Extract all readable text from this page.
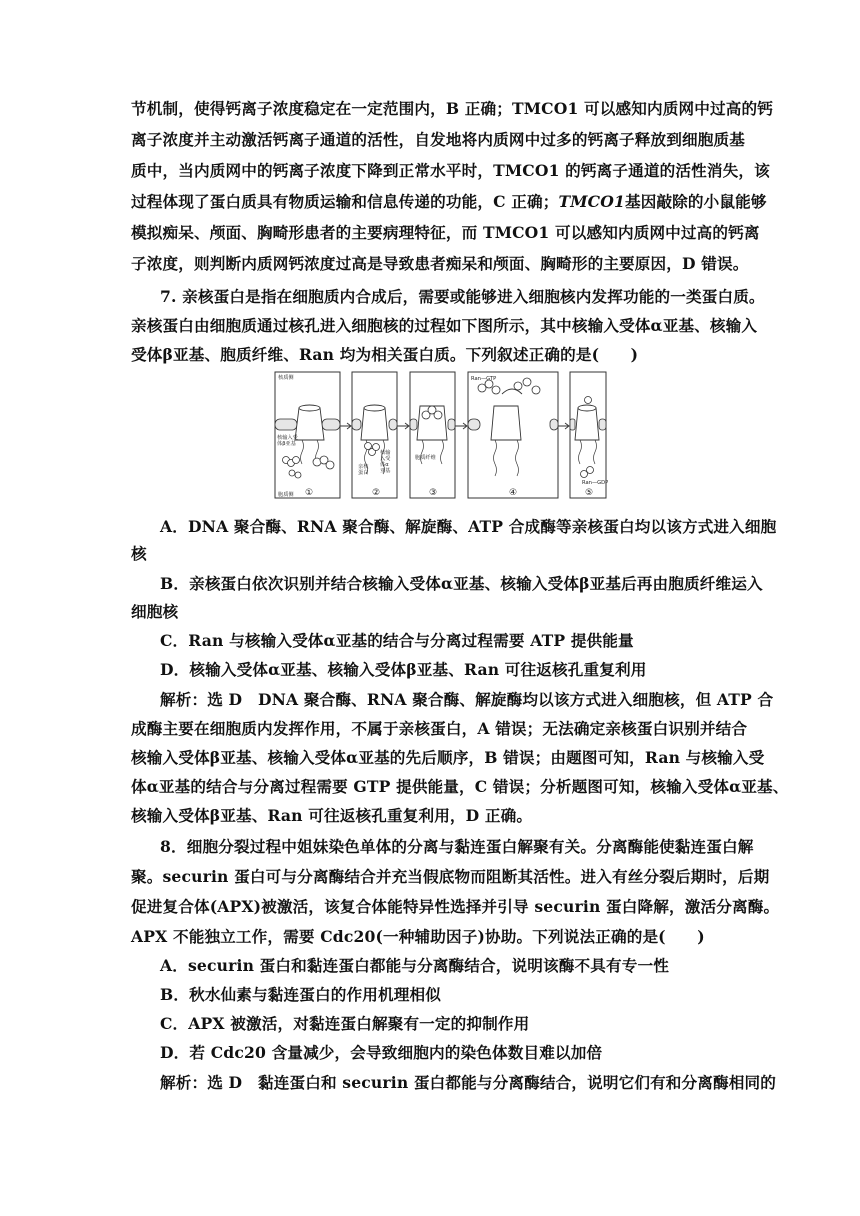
节机制，使得钙离子浓度稳定在一定范围内，B 正确；TMCO1 可以感知内质网中过高的钙
离子浓度并主动激活钙离子通道的活性，自发地将内质网中过多的钙离子释放到细胞质基
质中，当内质网中的钙离子浓度下降到正常水平时，TMCO1 的钙离子通道的活性消失，该
过程体现了蛋白质具有物质运输和信息传递的功能，C 正确； TMCO1 基因敲除的小鼠能够
模拟痴呆、颅面、胸畸形患者的主要病理特征，而 TMCO1 可以感知内质网中过高的钙离
子浓度，则判断内质网钙浓度过高是导致患者痴呆和颅面、胸畸形的主要原因，D 错误。
7. 亲核蛋白是指在细胞质内合成后，需要或能够进入细胞核内发挥功能的一类蛋白质。
亲核蛋白由细胞质通过核孔进入细胞核的过程如下图所示，其中核输入受体α亚基、核输入
受体β亚基、胞质纤维、Ran 均为相关蛋白质。下列叙述正确的是(　　)
核质侧
胞质侧
核输入受
体β亚基
核输
入受
体α
亚基
亲核
蛋白
胞质纤维
Ran—GTP
Ran—GDP
①	②	③	④	⑤
A．DNA 聚合酶、RNA 聚合酶、解旋酶、ATP 合成酶等亲核蛋白均以该方式进入细胞
核
B．亲核蛋白依次识别并结合核输入受体α亚基、核输入受体β亚基后再由胞质纤维运入
细胞核
C．Ran 与核输入受体α亚基的结合与分离过程需要 ATP 提供能量
D．核输入受体α亚基、核输入受体β亚基、Ran 可往返核孔重复利用
解析：选 D　DNA 聚合酶、RNA 聚合酶、解旋酶均以该方式进入细胞核，但 ATP 合
成酶主要在细胞质内发挥作用，不属于亲核蛋白，A 错误；无法确定亲核蛋白识别并结合
核输入受体β亚基、核输入受体α亚基的先后顺序，B 错误；由题图可知，Ran 与核输入受
体α亚基的结合与分离过程需要 GTP 提供能量，C 错误；分析题图可知，核输入受体α亚基、
核输入受体β亚基、Ran 可往返核孔重复利用，D 正确。
8．细胞分裂过程中姐妹染色单体的分离与黏连蛋白解聚有关。分离酶能使黏连蛋白解
聚。securin 蛋白可与分离酶结合并充当假底物而阻断其活性。进入有丝分裂后期时，后期
促进复合体(APX)被激活，该复合体能特异性选择并引导 securin 蛋白降解，激活分离酶。
APX 不能独立工作，需要 Cdc20(一种辅助因子)协助。下列说法正确的是(　　)
A．securin 蛋白和黏连蛋白都能与分离酶结合，说明该酶不具有专一性
B．秋水仙素与黏连蛋白的作用机理相似
C．APX 被激活，对黏连蛋白解聚有一定的抑制作用
D．若 Cdc20 含量减少，会导致细胞内的染色体数目难以加倍
解析：选 D　黏连蛋白和 securin 蛋白都能与分离酶结合，说明它们有和分离酶相同的
